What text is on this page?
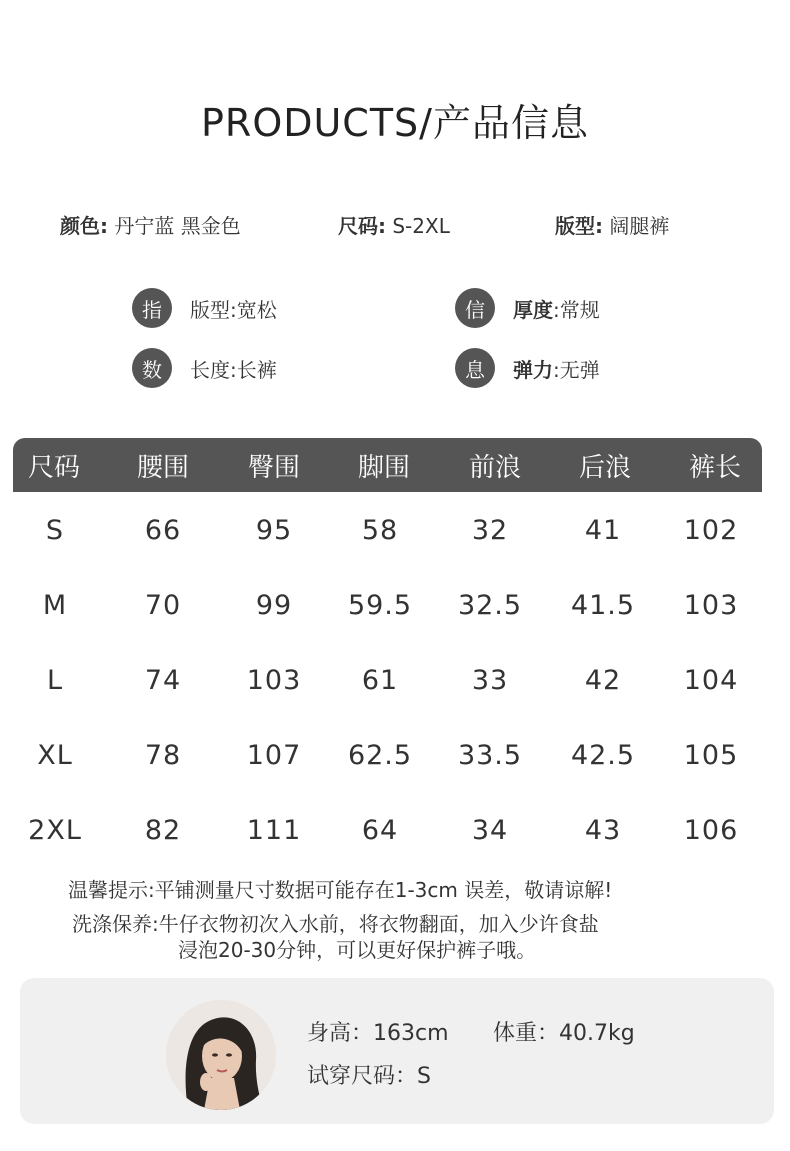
PRODUCTS/产品信息
颜色: 丹宁蓝 黑金色	尺码: S-2XL	版型: 阔腿裤
指	版型 :宽松	信	厚度 :常规
数	长度 :长裤	息	弹力 :无弹
尺码	腰围	臀围	脚围	前浪	后浪	裤长
S	66	95	58	32	41	102
M	70	99	59.5	32.5	41.5	103
L	74	103	61	33	42	104
XL	78	107	62.5	33.5	42.5	105
2XL	82	111	64	34	43	106
温馨提示:平铺测量尺寸数据可能存在1-3cm 误差，敬请谅解!
洗涤保养:牛仔衣物初次入水前，将衣物翻面，加入少许食盐
浸泡20-30分钟，可以更好保护裤子哦。
身高：163cm 体重：40.7kg
试穿尺码：S
